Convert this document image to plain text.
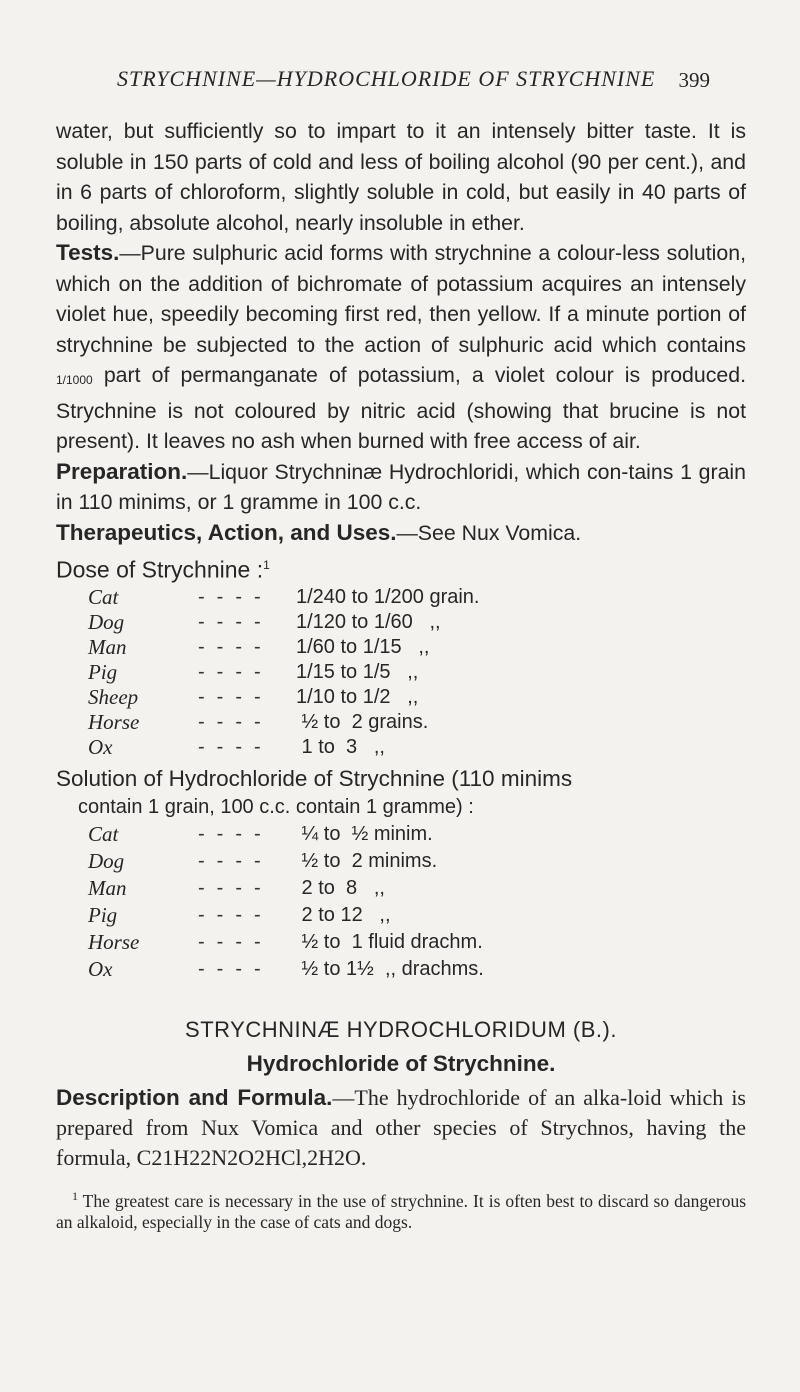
STRYCHNINE—HYDROCHLORIDE OF STRYCHNINE 399

water, but sufficiently so to impart to it an intensely bitter taste. It is soluble in 150 parts of cold and less of boiling alcohol (90 per cent.), and in 6 parts of chloroform, slightly soluble in cold, but easily in 40 parts of boiling, absolute alcohol, nearly insoluble in ether.

Tests.—Pure sulphuric acid forms with strychnine a colour-less solution, which on the addition of bichromate of potassium acquires an intensely violet hue, speedily becoming first red, then yellow. If a minute portion of strychnine be subjected to the action of sulphuric acid which contains 1/1000 part of permanganate of potassium, a violet colour is produced. Strychnine is not coloured by nitric acid (showing that brucine is not present). It leaves no ash when burned with free access of air.

Preparation.—Liquor Strychninæ Hydrochloridi, which con-tains 1 grain in 110 minims, or 1 gramme in 100 c.c.

Therapeutics, Action, and Uses.—See Nux Vomica.

Dose of Strychnine :$^1$
Cat	----	1/240 to 1/200 grain.
Dog	----	1/120 to 1/60   ,,
Man	----	1/60 to 1/15   ,,
Pig	----	1/15 to 1/5   ,,
Sheep	----	1/10 to 1/2   ,,
Horse	----	½ to  2 grains.
Ox	----	1 to  3   ,,
Solution of Hydrochloride of Strychnine (110 minims
contain 1 grain, 100 c.c. contain 1 gramme) :
Cat	----	¼ to  ½ minim.
Dog	----	½ to  2 minims.
Man	----	2 to  8   ,,
Pig	----	2 to 12   ,,
Horse	----	½ to  1 fluid drachm.
Ox	----	½ to 1½  ,, drachms.
STRYCHNINÆ HYDROCHLORIDUM (B.).
Hydrochloride of Strychnine.

Description and Formula.—The hydrochloride of an alka-loid which is prepared from Nux Vomica and other species of Strychnos, having the formula, C21H22N2O2HCl,2H2O.

$^1$ The greatest care is necessary in the use of strychnine. It is often best to discard so dangerous an alkaloid, especially in the case of cats and dogs.
